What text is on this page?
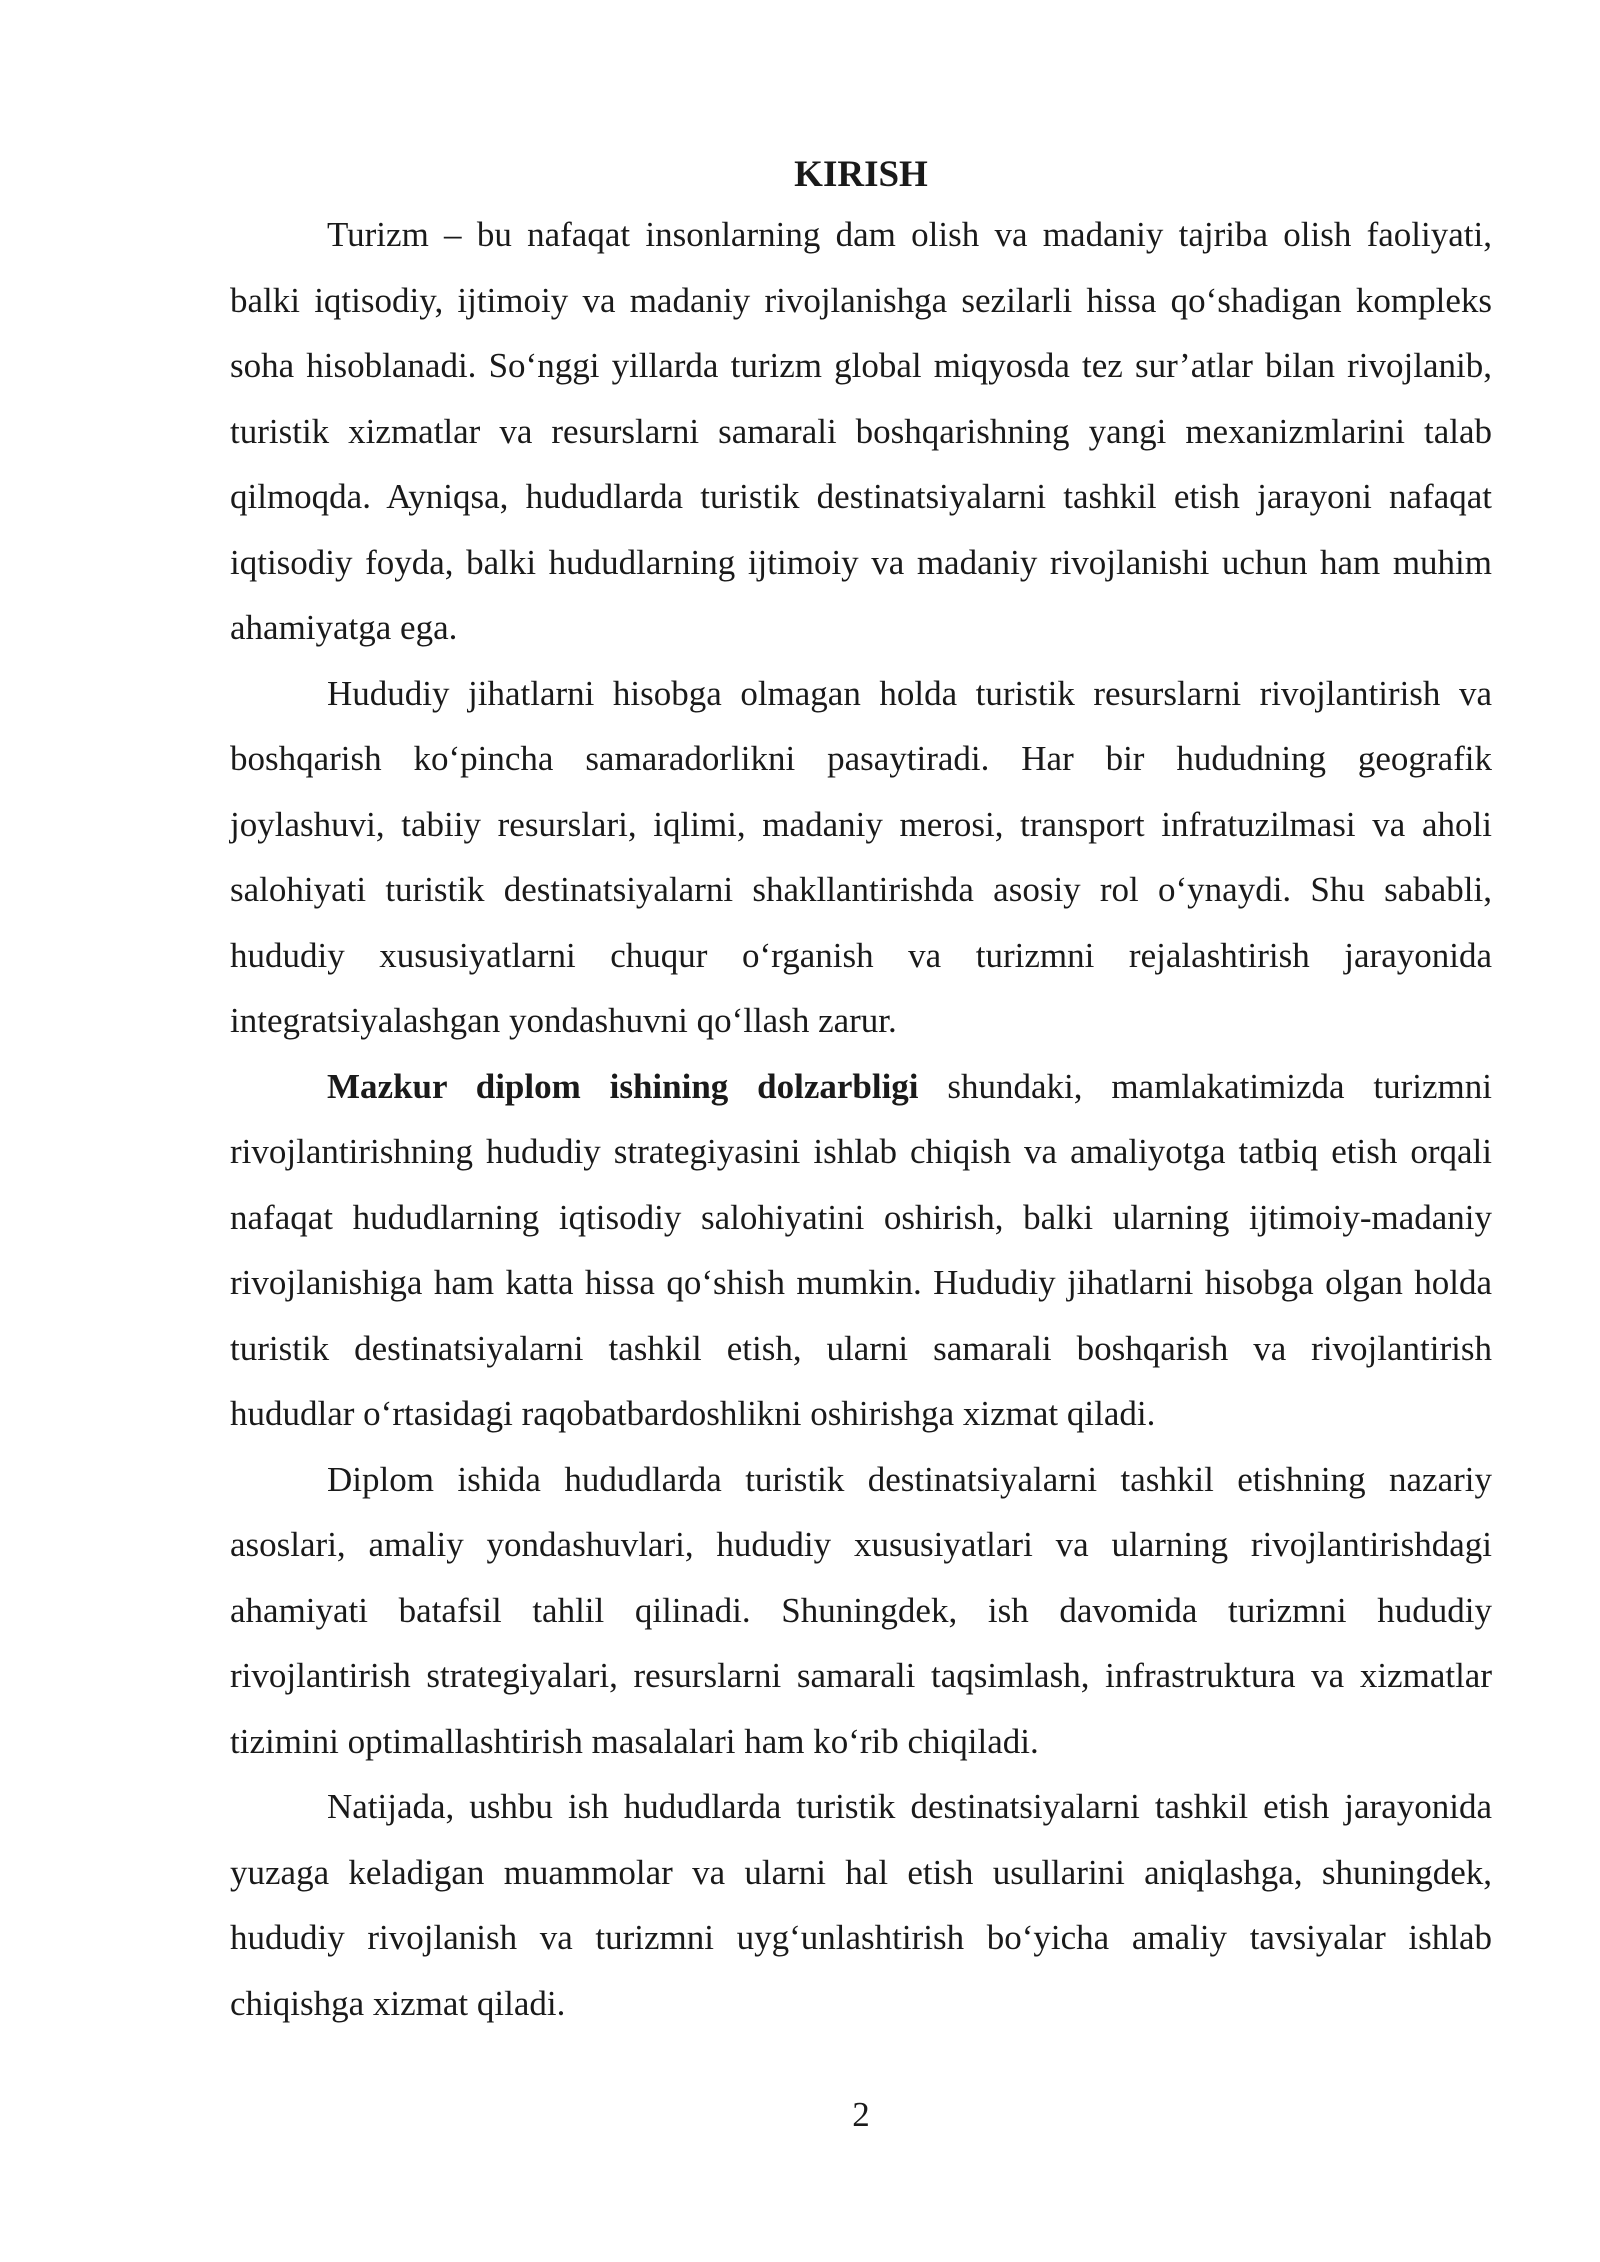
KIRISH

Turizm – bu nafaqat insonlarning dam olish va madaniy tajriba olish faoliyati, balki iqtisodiy, ijtimoiy va madaniy rivojlanishga sezilarli hissa qo‘shadigan kompleks soha hisoblanadi. So‘nggi yillarda turizm global miqyosda tez sur’atlar bilan rivojlanib, turistik xizmatlar va resurslarni samarali boshqarishning yangi mexanizmlarini talab qilmoqda. Ayniqsa, hududlarda turistik destinatsiyalarni tashkil etish jarayoni nafaqat iqtisodiy foyda, balki hududlarning ijtimoiy va madaniy rivojlanishi uchun ham muhim ahamiyatga ega.

Hududiy jihatlarni hisobga olmagan holda turistik resurslarni rivojlantirish va boshqarish ko‘pincha samaradorlikni pasaytiradi. Har bir hududning geografik joylashuvi, tabiiy resurslari, iqlimi, madaniy merosi, transport infratuzilmasi va aholi salohiyati turistik destinatsiyalarni shakllantirishda asosiy rol o‘ynaydi. Shu sababli, hududiy xususiyatlarni chuqur o‘rganish va turizmni rejalashtirish jarayonida integratsiyalashgan yondashuvni qo‘llash zarur.

Mazkur diplom ishining dolzarbligi shundaki, mamlakatimizda turizmni rivojlantirishning hududiy strategiyasini ishlab chiqish va amaliyotga tatbiq etish orqali nafaqat hududlarning iqtisodiy salohiyatini oshirish, balki ularning ijtimoiy-madaniy rivojlanishiga ham katta hissa qo‘shish mumkin. Hududiy jihatlarni hisobga olgan holda turistik destinatsiyalarni tashkil etish, ularni samarali boshqarish va rivojlantirish hududlar o‘rtasidagi raqobatbardoshlikni oshirishga xizmat qiladi.

Diplom ishida hududlarda turistik destinatsiyalarni tashkil etishning nazariy asoslari, amaliy yondashuvlari, hududiy xususiyatlari va ularning rivojlantirishdagi ahamiyati batafsil tahlil qilinadi. Shuningdek, ish davomida turizmni hududiy rivojlantirish strategiyalari, resurslarni samarali taqsimlash, infrastruktura va xizmatlar tizimini optimallashtirish masalalari ham ko‘rib chiqiladi.

Natijada, ushbu ish hududlarda turistik destinatsiyalarni tashkil etish jarayonida yuzaga keladigan muammolar va ularni hal etish usullarini aniqlashga, shuningdek, hududiy rivojlanish va turizmni uyg‘unlashtirish bo‘yicha amaliy tavsiyalar ishlab chiqishga xizmat qiladi.

2
